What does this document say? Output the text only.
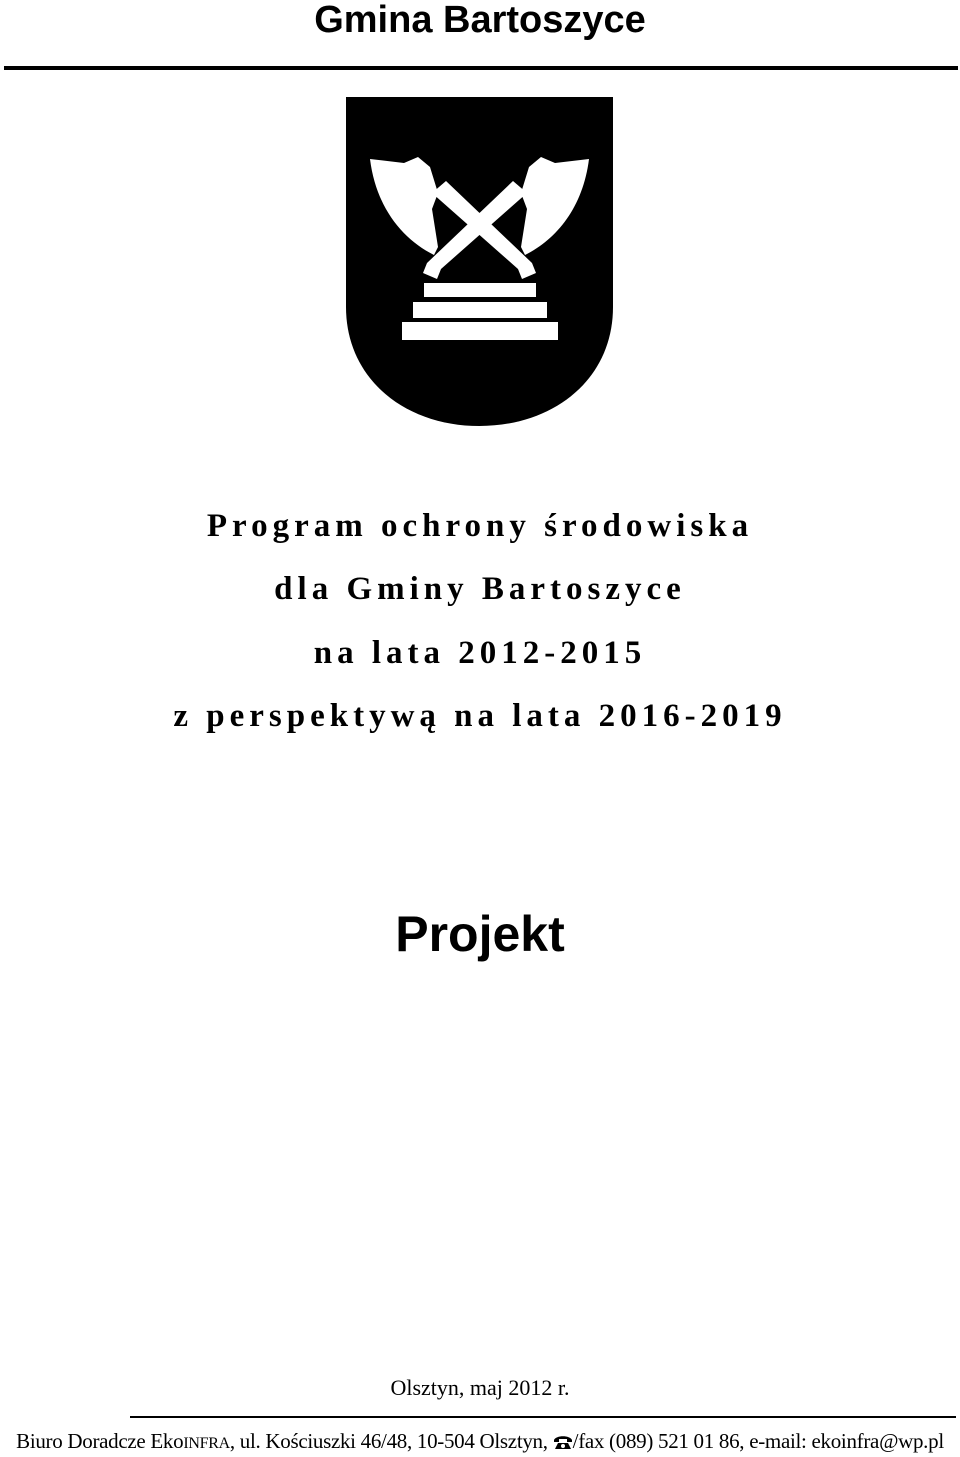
Gmina Bartoszyce
Program ochrony środowiska
dla Gminy Bartoszyce
na lata 2012-2015
z perspektywą na lata 2016-2019
Projekt
Olsztyn, maj 2012 r.
Biuro Doradcze EkoINFRA, ul. Kościuszki 46/48, 10-504 Olsztyn, /fax (089) 521 01 86, e-mail: ekoinfra@wp.pl
